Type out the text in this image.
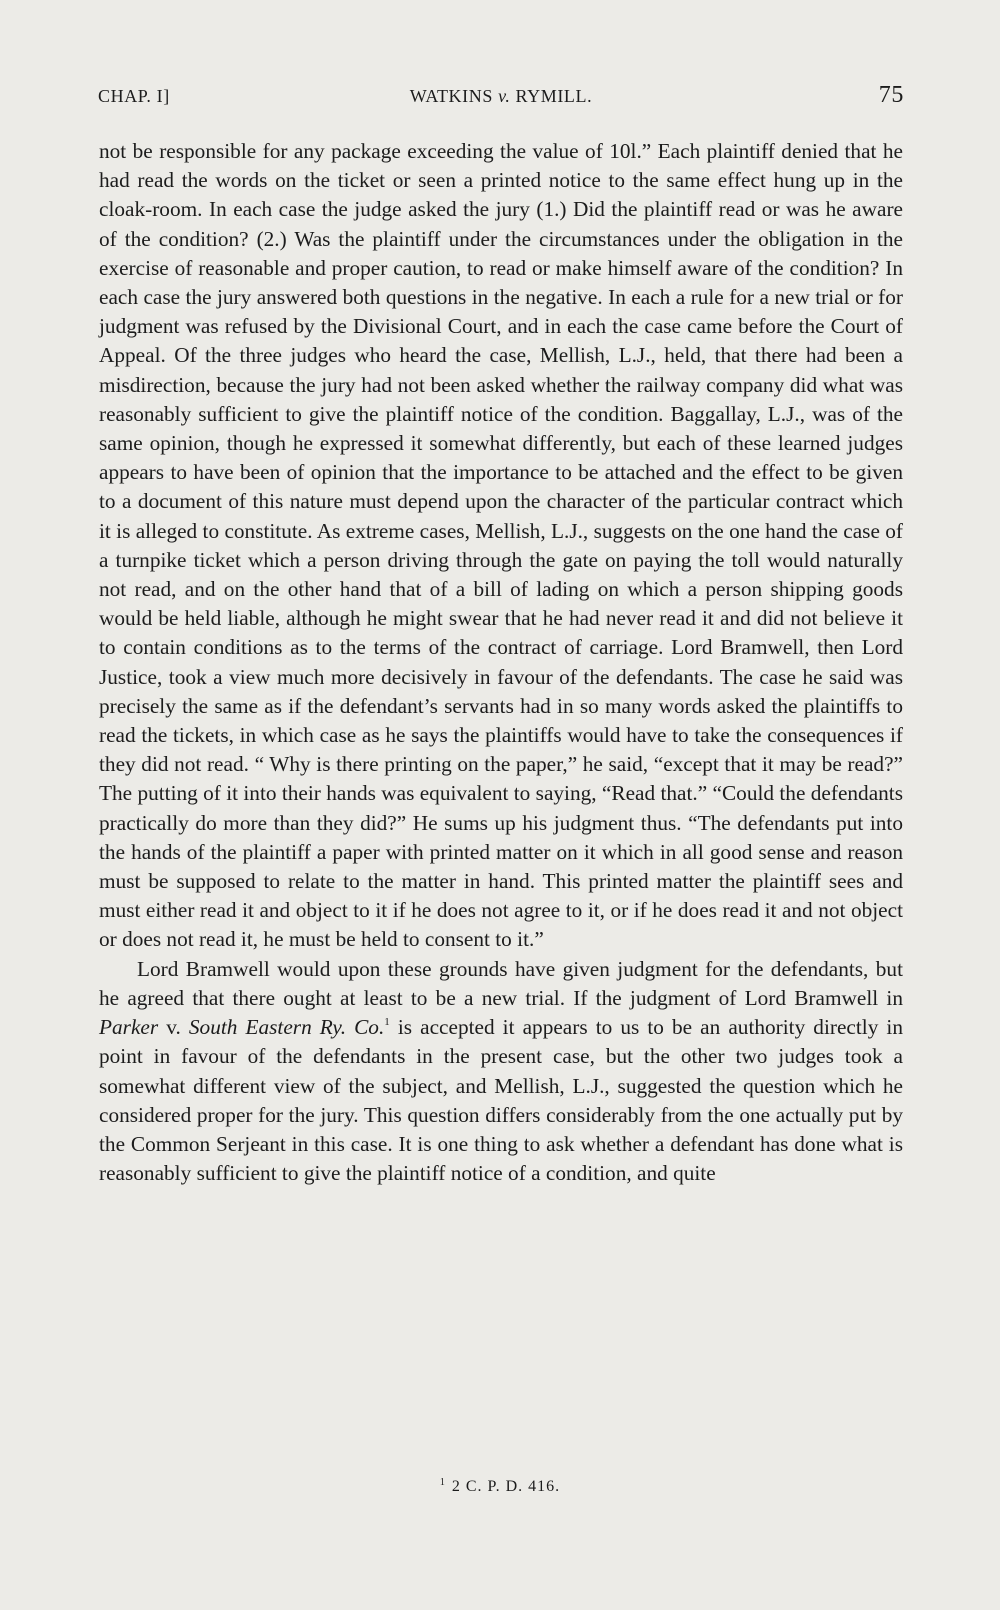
CHAP. I]	WATKINS v. RYMILL.	75

not be responsible for any package exceeding the value of 10l.” Each plaintiff denied that he had read the words on the ticket or seen a printed notice to the same effect hung up in the cloak-room. In each case the judge asked the jury (1.) Did the plaintiff read or was he aware of the condition? (2.) Was the plaintiff under the circumstances under the obligation in the exercise of reasonable and proper caution, to read or make himself aware of the condition? In each case the jury answered both questions in the negative. In each a rule for a new trial or for judgment was refused by the Divisional Court, and in each the case came before the Court of Appeal. Of the three judges who heard the case, Mellish, L.J., held, that there had been a misdirection, because the jury had not been asked whether the railway company did what was reasonably sufficient to give the plaintiff notice of the condition. Baggallay, L.J., was of the same opinion, though he expressed it somewhat differently, but each of these learned judges appears to have been of opinion that the importance to be attached and the effect to be given to a document of this nature must depend upon the character of the particular contract which it is alleged to constitute. As extreme cases, Mellish, L.J., suggests on the one hand the case of a turnpike ticket which a person driving through the gate on paying the toll would naturally not read, and on the other hand that of a bill of lading on which a person shipping goods would be held liable, although he might swear that he had never read it and did not believe it to contain conditions as to the terms of the contract of carriage. Lord Bramwell, then Lord Justice, took a view much more decisively in favour of the defendants. The case he said was precisely the same as if the defendant’s servants had in so many words asked the plaintiffs to read the tickets, in which case as he says the plaintiffs would have to take the consequences if they did not read. “ Why is there printing on the paper,” he said, “except that it may be read?” The putting of it into their hands was equivalent to saying, “Read that.” “Could the defendants practically do more than they did?” He sums up his judgment thus. “The defendants put into the hands of the plaintiff a paper with printed matter on it which in all good sense and reason must be supposed to relate to the matter in hand. This printed matter the plaintiff sees and must either read it and object to it if he does not agree to it, or if he does read it and not object or does not read it, he must be held to consent to it.”

Lord Bramwell would upon these grounds have given judgment for the defendants, but he agreed that there ought at least to be a new trial. If the judgment of Lord Bramwell in Parker v. South Eastern Ry. Co.$^1$ is accepted it appears to us to be an authority directly in point in favour of the defendants in the present case, but the other two judges took a somewhat different view of the subject, and Mellish, L.J., suggested the question which he considered proper for the jury. This question differs considerably from the one actually put by the Common Serjeant in this case. It is one thing to ask whether a defendant has done what is reasonably sufficient to give the plaintiff notice of a condition, and quite

$^1$ 2 C. P. D. 416.
